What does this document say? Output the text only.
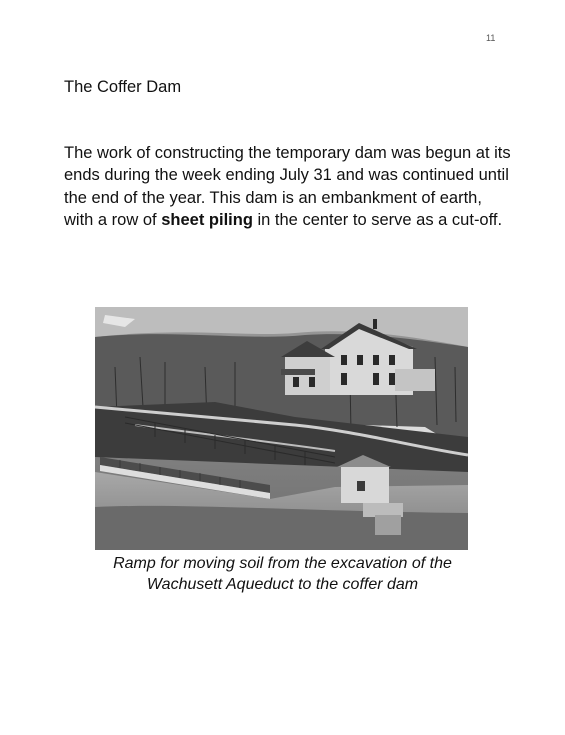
11
The Coffer Dam

The work of constructing the temporary dam was begun at its ends during the week ending July 31 and was continued until the end of the year. This dam is an embankment of earth, with a row of sheet piling in the center to serve as a cut-off.

Ramp for moving soil from the excavation of the
Wachusett Aqueduct to the coffer dam
